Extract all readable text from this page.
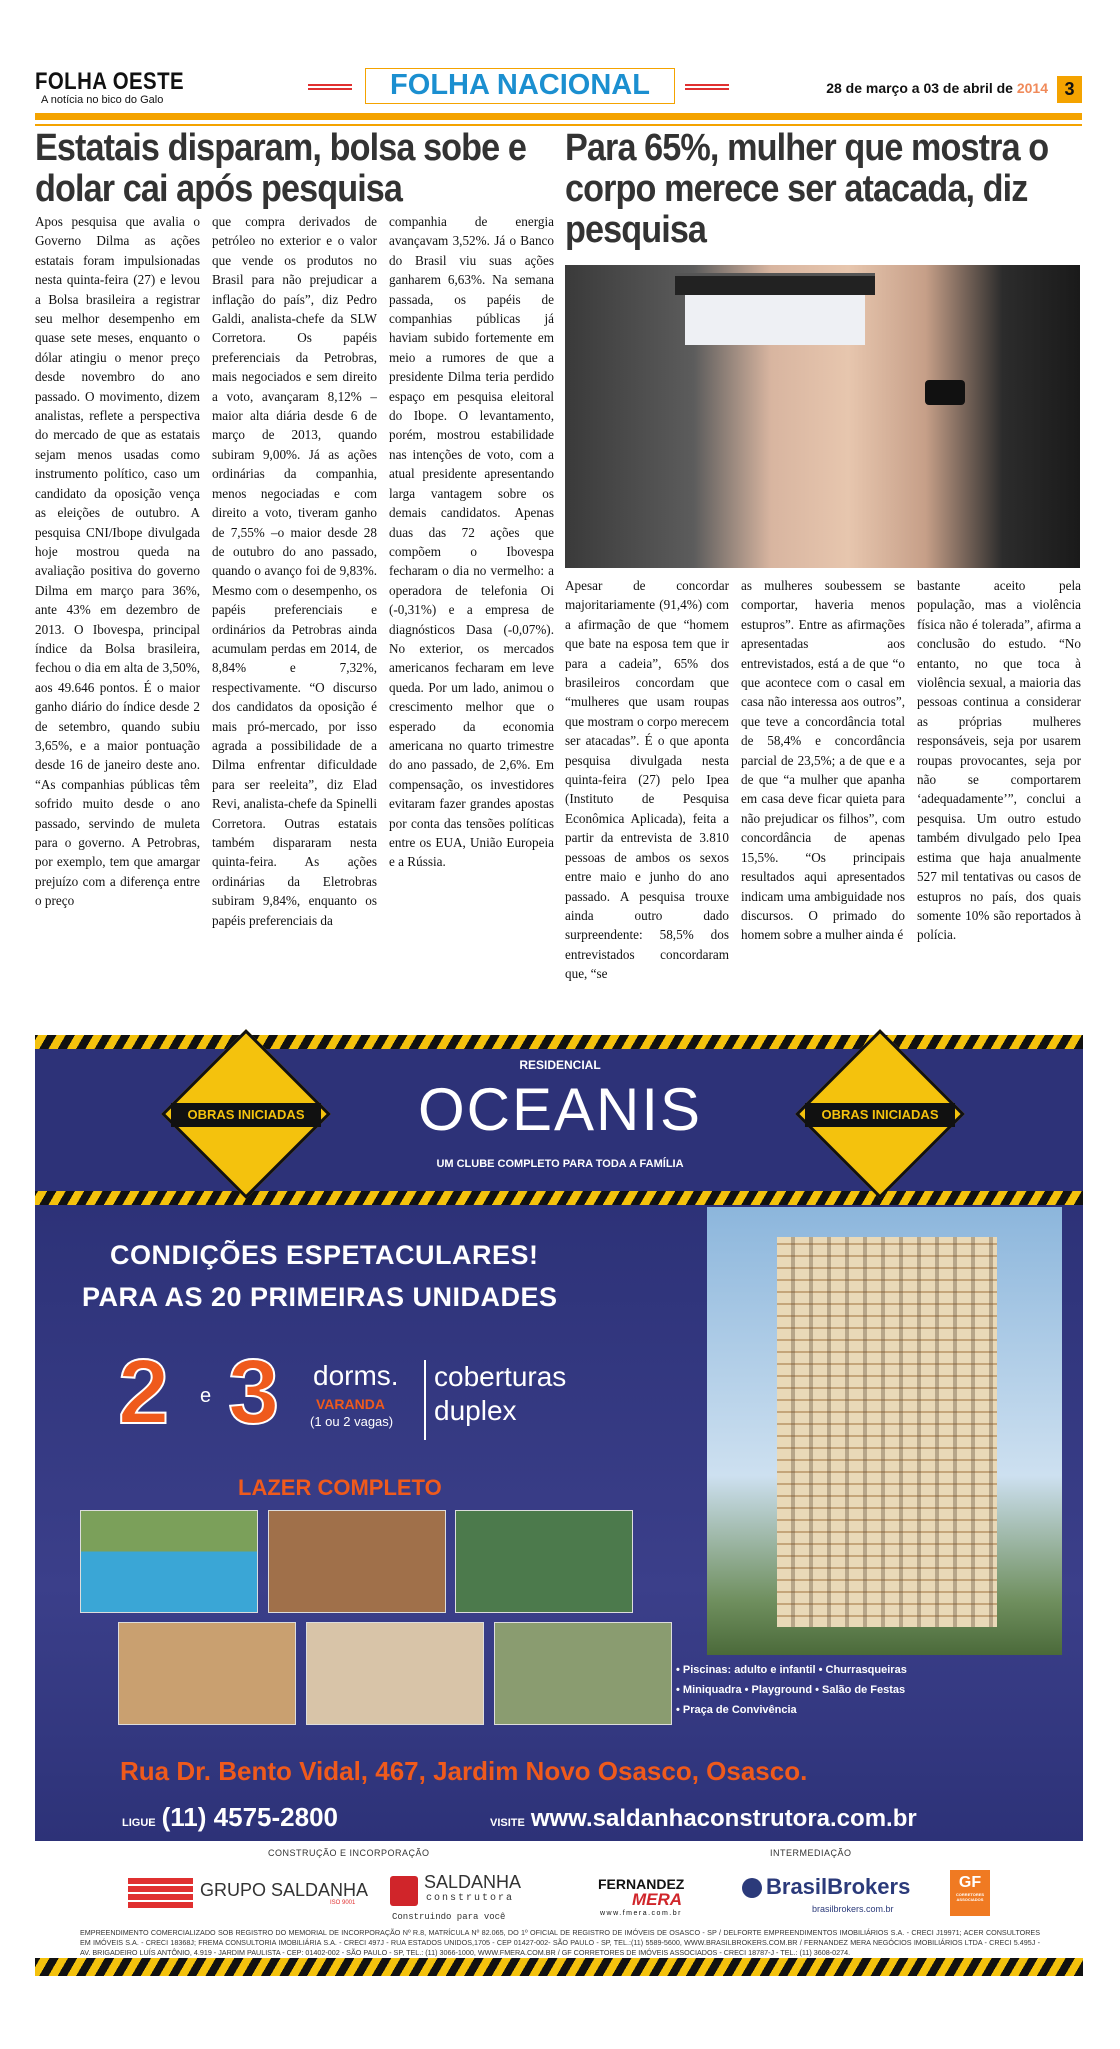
FOLHA OESTE
A notícia no bico do Galo	FOLHA NACIONAL	28 de março a 03 de abril de 2014 3
Estatais disparam, bolsa sobe e dolar cai após pesquisa
Apos pesquisa que avalia o Governo Dilma as ações estatais foram impulsionadas nesta quinta-feira (27) e levou a Bolsa brasileira a registrar seu melhor desempenho em quase sete meses, enquanto o dólar atingiu o menor preço desde novembro do ano passado. O movimento, dizem analistas, reflete a perspectiva do mercado de que as estatais sejam menos usadas como instrumento político, caso um candidato da oposição vença as eleições de outubro. A pesquisa CNI/Ibope divulgada hoje mostrou queda na avaliação positiva do governo Dilma em março para 36%, ante 43% em dezembro de 2013. O Ibovespa, principal índice da Bolsa brasileira, fechou o dia em alta de 3,50%, aos 49.646 pontos. É o maior ganho diário do índice desde 2 de setembro, quando subiu 3,65%, e a maior pontuação desde 16 de janeiro deste ano. “As companhias públicas têm sofrido muito desde o ano passado, servindo de muleta para o governo. A Petrobras, por exemplo, tem que amargar prejuízo com a diferença entre o preço
que compra derivados de petróleo no exterior e o valor que vende os produtos no Brasil para não prejudicar a inflação do país”, diz Pedro Galdi, analista-chefe da SLW Corretora. Os papéis preferenciais da Petrobras, mais negociados e sem direito a voto, avançaram 8,12% –maior alta diária desde 6 de março de 2013, quando subiram 9,00%. Já as ações ordinárias da companhia, menos negociadas e com direito a voto, tiveram ganho de 7,55% –o maior desde 28 de outubro do ano passado, quando o avanço foi de 9,83%. Mesmo com o desempenho, os papéis preferenciais e ordinários da Petrobras ainda acumulam perdas em 2014, de 8,84% e 7,32%, respectivamente. “O discurso dos candidatos da oposição é mais pró-mercado, por isso agrada a possibilidade de a Dilma enfrentar dificuldade para ser reeleita”, diz Elad Revi, analista-chefe da Spinelli Corretora. Outras estatais também dispararam nesta quinta-feira. As ações ordinárias da Eletrobras subiram 9,84%, enquanto os papéis preferenciais da
companhia de energia avançavam 3,52%. Já o Banco do Brasil viu suas ações ganharem 6,63%. Na semana passada, os papéis de companhias públicas já haviam subido fortemente em meio a rumores de que a presidente Dilma teria perdido espaço em pesquisa eleitoral do Ibope. O levantamento, porém, mostrou estabilidade nas intenções de voto, com a atual presidente apresentando larga vantagem sobre os demais candidatos. Apenas duas das 72 ações que compõem o Ibovespa fecharam o dia no vermelho: a operadora de telefonia Oi (-0,31%) e a empresa de diagnósticos Dasa (-0,07%). No exterior, os mercados americanos fecharam em leve queda. Por um lado, animou o crescimento melhor que o esperado da economia americana no quarto trimestre do ano passado, de 2,6%. Em compensação, os investidores evitaram fazer grandes apostas por conta das tensões políticas entre os EUA, União Europeia e a Rússia.
Para 65%, mulher que mostra o corpo merece ser atacada, diz pesquisa
Apesar de concordar majoritariamente (91,4%) com a afirmação de que “homem que bate na esposa tem que ir para a cadeia”, 65% dos brasileiros concordam que “mulheres que usam roupas que mostram o corpo merecem ser atacadas”. É o que aponta pesquisa divulgada nesta quinta-feira (27) pelo Ipea (Instituto de Pesquisa Econômica Aplicada), feita a partir da entrevista de 3.810 pessoas de ambos os sexos entre maio e junho do ano passado. A pesquisa trouxe ainda outro dado surpreendente: 58,5% dos entrevistados concordaram que, “se
as mulheres soubessem se comportar, haveria menos estupros”. Entre as afirmações apresentadas aos entrevistados, está a de que “o que acontece com o casal em casa não interessa aos outros”, que teve a concordância total de 58,4% e concordância parcial de 23,5%; a de que e a de que “a mulher que apanha em casa deve ficar quieta para não prejudicar os filhos”, com concordância de apenas 15,5%. “Os principais resultados aqui apresentados indicam uma ambiguidade nos discursos. O primado do homem sobre a mulher ainda é
bastante aceito pela população, mas a violência física não é tolerada”, afirma a conclusão do estudo. “No entanto, no que toca à violência sexual, a maioria das pessoas continua a considerar as próprias mulheres responsáveis, seja por usarem roupas provocantes, seja por não se comportarem ‘adequadamente’”, conclui a pesquisa. Um outro estudo também divulgado pelo Ipea estima que haja anualmente 527 mil tentativas ou casos de estupros no país, dos quais somente 10% são reportados à polícia.
OBRAS INICIADAS	OBRAS INICIADAS
RESIDENCIAL
OCEANIS
UM CLUBE COMPLETO PARA TODA A FAMÍLIA
CONDIÇÕES ESPETACULARES!
PARA AS 20 PRIMEIRAS UNIDADES
2 e 3 dorms.
VARANDA
(1 ou 2 vagas)
coberturas
duplex
LAZER COMPLETO
• Piscinas: adulto e infantil • Churrasqueiras
• Miniquadra • Playground • Salão de Festas
• Praça de Convivência
Rua Dr. Bento Vidal, 467, Jardim Novo Osasco, Osasco.
LIGUE (11) 4575-2800	VISITE www.saldanhaconstrutora.com.br
CONSTRUÇÃO E INCORPORAÇÃO	INTERMEDIAÇÃO
GRUPO SALDANHA
ISO 9001
SALDANHA
construtora
Construindo para você
FERNANDEZ
MERA
www.fmera.com.br
BrasilBrokers
brasilbrokers.com.br
GF
CORRETORES ASSOCIADOS
EMPREENDIMENTO COMERCIALIZADO SOB REGISTRO DO MEMORIAL DE INCORPORAÇÃO Nº R.8, MATRÍCULA Nº 82.065, DO 1º OFICIAL DE REGISTRO DE IMÓVEIS DE OSASCO - SP / DELFORTE EMPREENDIMENTOS IMOBILIÁRIOS S.A. - CRECI J19971; ACER CONSULTORES EM IMÓVEIS S.A. - CRECI 18368J; FREMA CONSULTORIA IMOBILIÁRIA S.A. - CRECI 497J - RUA ESTADOS UNIDOS,1705 - CEP 01427-002- SÃO PAULO - SP, TEL.:(11) 5589-5600, WWW.BRASILBROKERS.COM.BR / FERNANDEZ MERA NEGÓCIOS IMOBILIÁRIOS LTDA - CRECI 5.495J - AV. BRIGADEIRO LUÍS ANTÔNIO, 4.919 - JARDIM PAULISTA - CEP: 01402-002 - SÃO PAULO - SP, TEL.: (11) 3066-1000, WWW.FMERA.COM.BR / GF CORRETORES DE IMÓVEIS ASSOCIADOS - CRECI 18787-J - TEL.: (11) 3608-0274.
